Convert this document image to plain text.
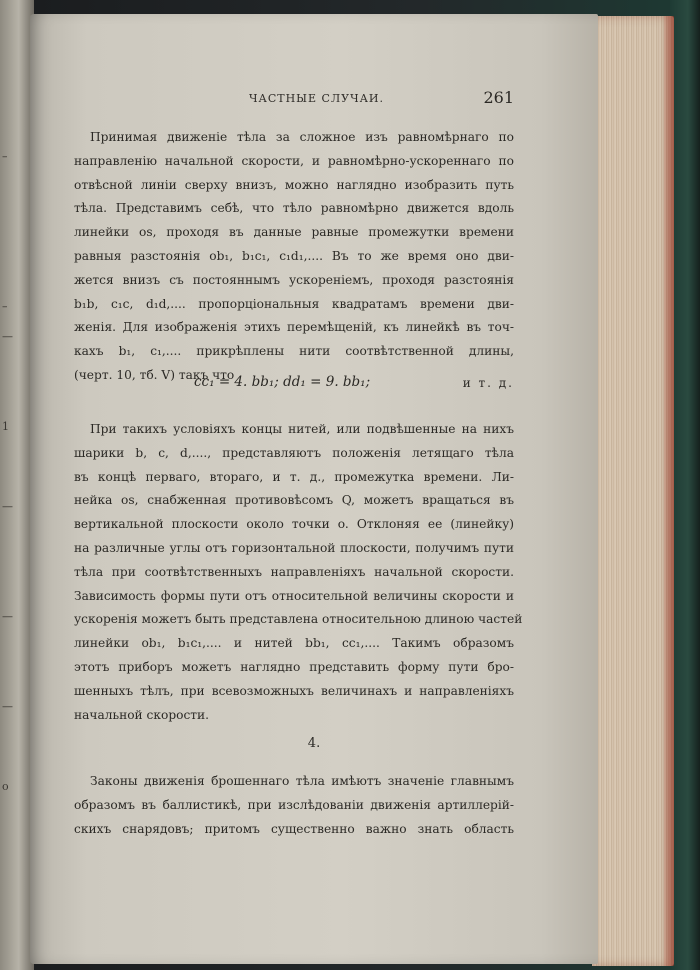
–
–
—
1
—
—
—
o
ЧАСТНЫЕ СЛУЧАИ.	261
Принимая движенie тѣла за сложное изъ равномѣрнаго по
направленiю начальной скорости, и равномѣрно-ускореннаго по
отвѣсной линiи сверху внизъ, можно наглядно изобразить путь
тѣла. Представимъ себѣ, что тѣло равномѣрно движется вдоль
линейки os, проходя въ данные равные промежутки времени
равныя разстоянiя ob₁, b₁c₁, c₁d₁,.... Въ то же время оно дви-
жется внизъ съ постояннымъ ускоренiемъ, проходя разстоянiя
b₁b, c₁c, d₁d,.... пропорцiональныя квадратамъ времени дви-
женiя. Для изображенiя этихъ перемѣщенiй, къ линейкѣ въ точ-
кахъ b₁, c₁,.... прикрѣплены нити соотвѣтственной длины,
(черт. 10, тб. V) такъ что
cc₁ = 4. bb₁; dd₁ = 9. bb₁;	и т. д.
При такихъ условiяхъ концы нитей, или подвѣшенные на нихъ
шарики b, c, d,...., представляютъ положенiя летящаго тѣла
въ концѣ перваго, втораго, и т. д., промежутка времени. Ли-
нейка os, снабженная противовѣсомъ Q, можетъ вращаться въ
вертикальной плоскости около точки o. Отклоняя ее (линейку)
на различные углы отъ горизонтальной плоскости, получимъ пути
тѣла при соотвѣтственныхъ направленiяхъ начальной скорости.
Зависимость формы пути отъ относительной величины скорости и
ускоренiя можетъ быть представлена относительною длиною частей
линейки ob₁, b₁c₁,.... и нитей bb₁, cc₁,.... Такимъ образомъ
этотъ приборъ можетъ наглядно представить форму пути бро-
шенныхъ тѣлъ, при всевозможныхъ величинахъ и направленiяхъ
начальной скорости.
4.
Законы движенiя брошеннаго тѣла имѣютъ значенie главнымъ
образомъ въ баллистикѣ, при изслѣдованiи движенiя артиллерiй-
скихъ снарядовъ; притомъ существенно важно знать область
